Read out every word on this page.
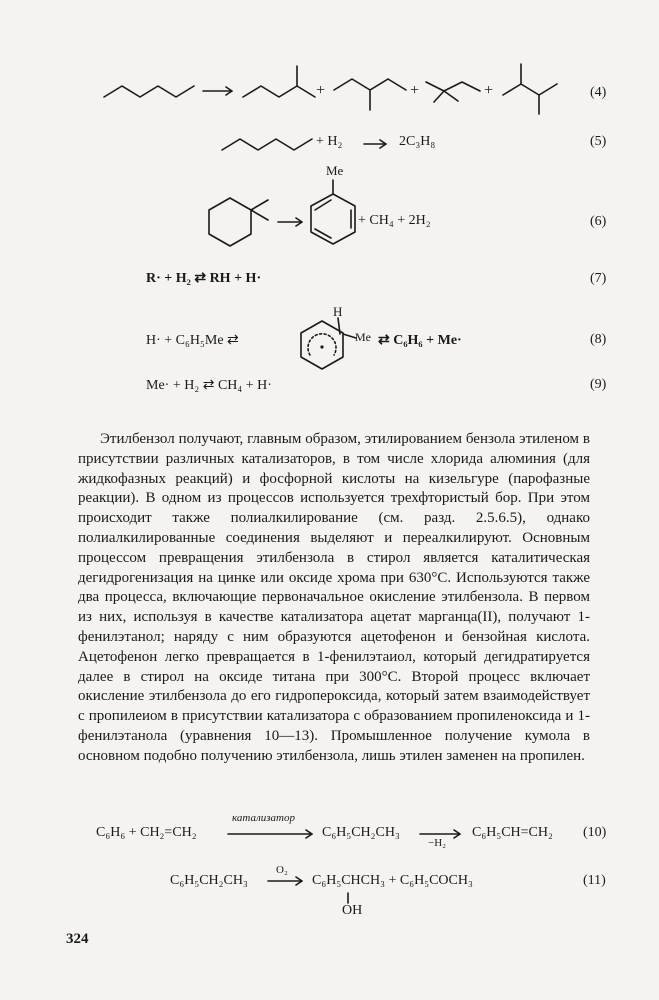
+	+	+	(4)
+ H₂	2C₃H₈	(5)
Me
+ CH₄ + 2H₂	(6)
R· + H₂ ⇄ RH + H·	(7)
H· + C₆H₅Me ⇄
H
Me ⇄ C₆H₆ + Me·	(8)
Me· + H₂ ⇄ CH₄ + H·	(9)

Этилбензол получают, главным образом, этилированием бензола этиленом в присутствии различных катализаторов, в том числе хлорида алюминия (для жидкофазных реакций) и фосфорной кислоты на кизельгуре (парофазные реакции). В одном из процессов используется трехфтористый бор. При этом происходит также полиалкилирование (см. разд. 2.5.6.5), однако полиалкилированные соединения выделяют и переалкилируют. Основным процессом превращения этилбензола в стирол является каталитическая дегидрогенизация на цинке или оксиде хрома при 630°C. Используются также два процесса, включающие первоначальное окисление этилбензола. В первом из них, используя в качестве катализатора ацетат марганца(II), получают 1-фенилэтанол; наряду с ним образуются ацетофенон и бензойная кислота. Ацетофенон легко превращается в 1-фенилэтаиол, который дегидратируется далее в стирол на оксиде титана при 300°C. Второй процесс включает окисление этилбензола до его гидропероксида, который затем взаимодействует с пропилеиом в присутствии катализатора с образованием пропиленоксида и 1-фенилэтанола (уравнения 10—13). Промышленное получение кумола в основном подобно получению этилбензола, лишь этилен заменен на пропилен.

C₆H₆ + CH₂=CH₂
катализатор
C₆H₅CH₂CH₃
−H₂
C₆H₅CH=CH₂ (10)
C₆H₅CH₂CH₃
O₂
C₆H₅CHCH₃ + C₆H₅COCH₃
OH
(11)
324
